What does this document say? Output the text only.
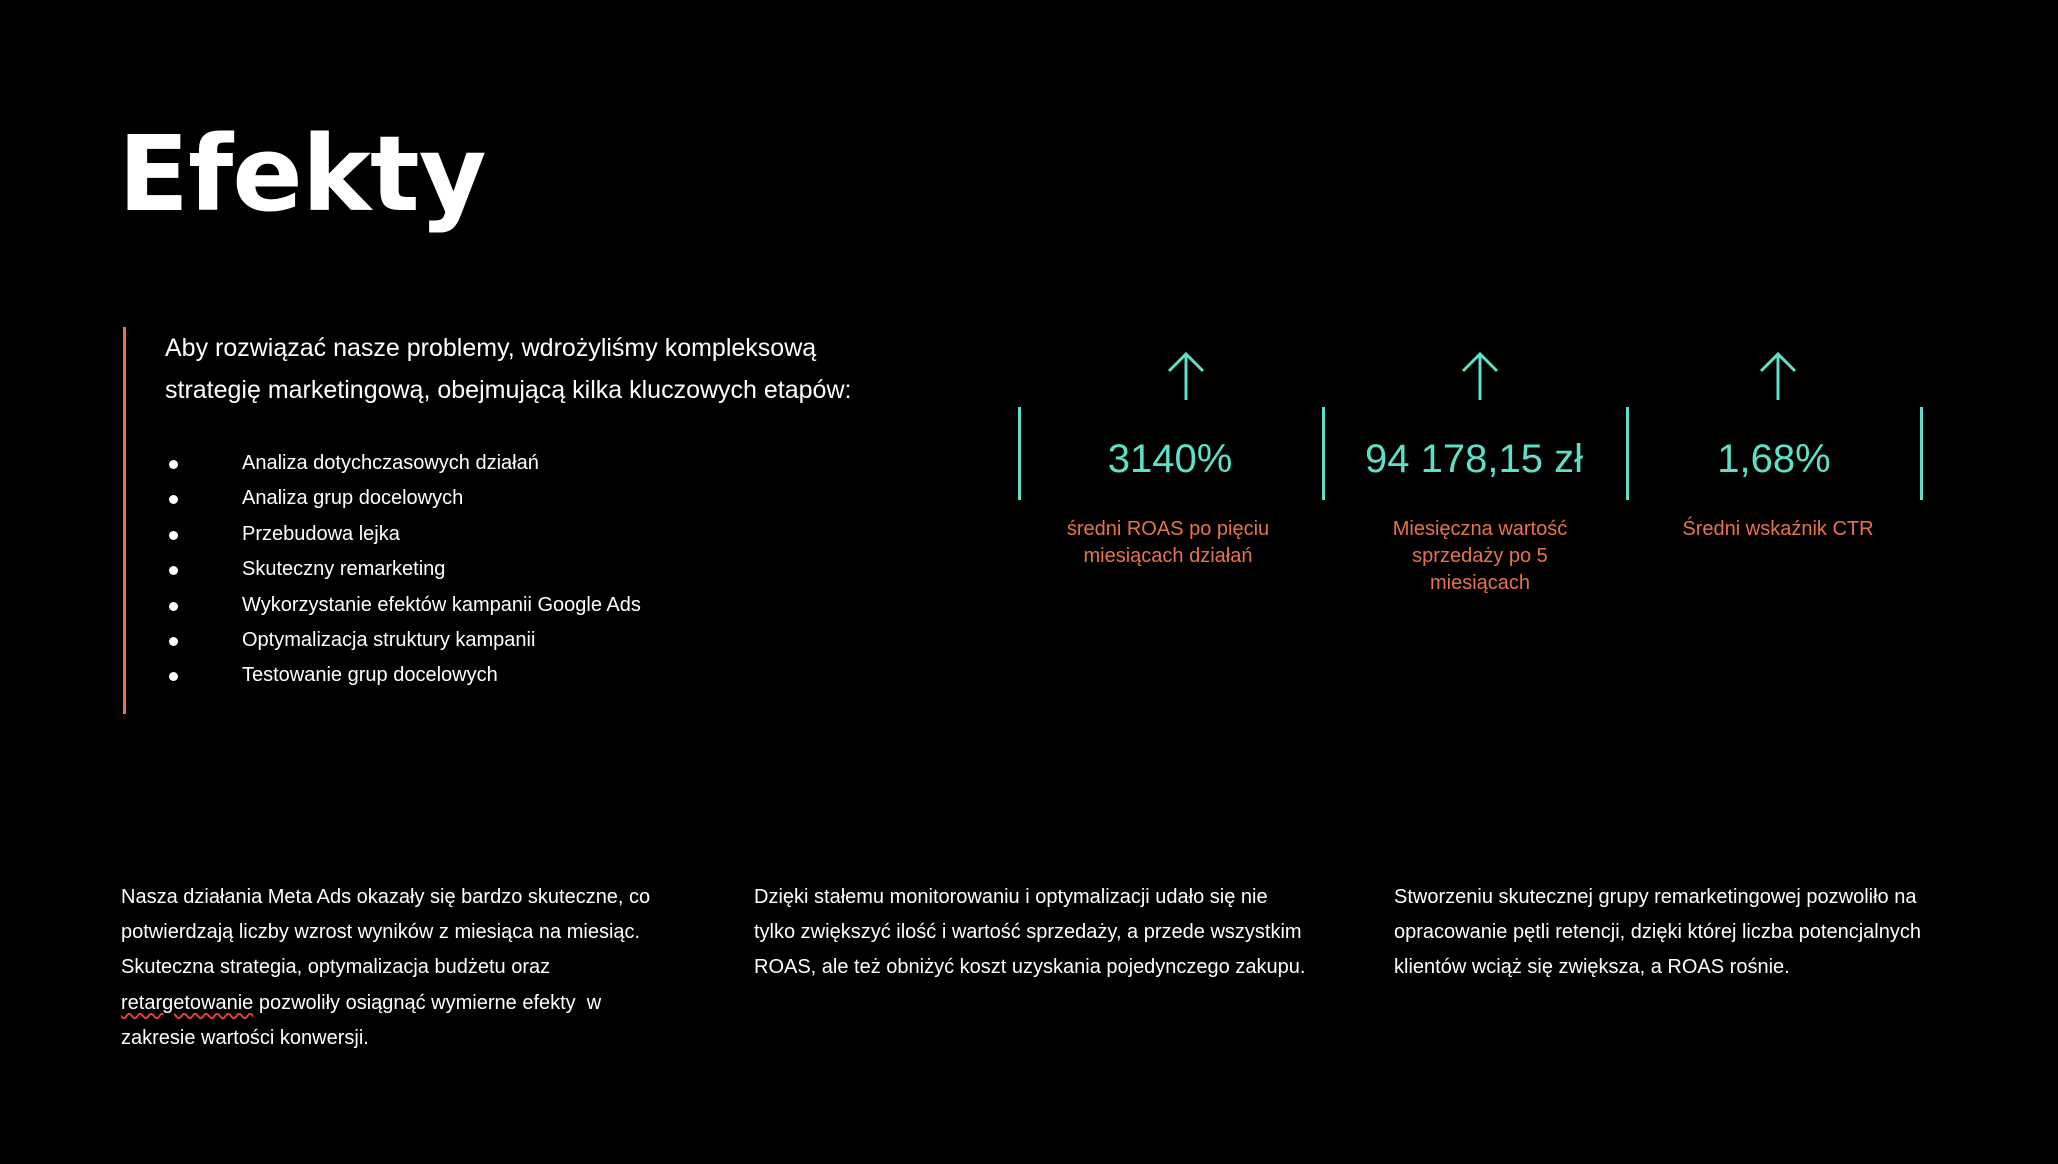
Efekty

Aby rozwiązać nasze problemy, wdrożyliśmy kompleksową
strategię marketingową, obejmującą kilka kluczowych etapów:

Analiza dotychczasowych działań
Analiza grup docelowych
Przebudowa lejka
Skuteczny remarketing
Wykorzystanie efektów kampanii Google Ads
Optymalizacja struktury kampanii
Testowanie grup docelowych
3140%
średni ROAS po pięciu
miesiącach działań
94 178,15 zł
Miesięczna wartość
sprzedaży po 5
miesiącach
1,68%
Średni wskaźnik CTR

Nasza działania Meta Ads okazały się bardzo skuteczne, co
potwierdzają liczby wzrost wyników z miesiąca na miesiąc.
Skuteczna strategia, optymalizacja budżetu oraz
retargetowanie pozwoliły osiągnąć wymierne efekty  w
zakresie wartości konwersji.

Dzięki stałemu monitorowaniu i optymalizacji udało się nie
tylko zwiększyć ilość i wartość sprzedaży, a przede wszystkim
ROAS, ale też obniżyć koszt uzyskania pojedynczego zakupu.

Stworzeniu skutecznej grupy remarketingowej pozwoliło na
opracowanie pętli retencji, dzięki której liczba potencjalnych
klientów wciąż się zwiększa, a ROAS rośnie.
